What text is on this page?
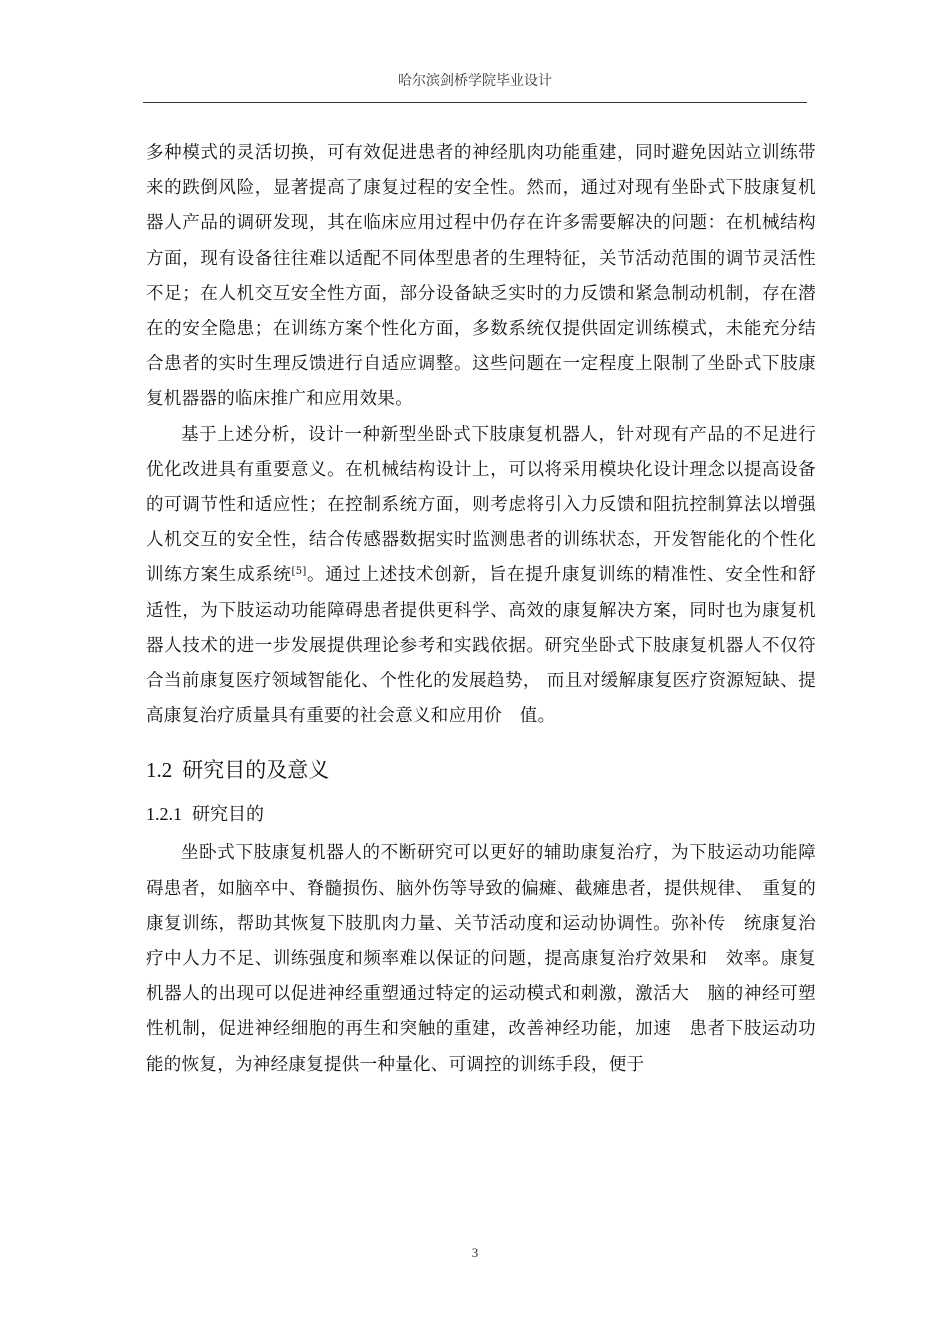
哈尔滨剑桥学院毕业设计

多种模式的灵活切换，可有效促进患者的神经肌肉功能重建，同时避免因站立训练带来的跌倒风险，显著提高了康复过程的安全性。然而，通过对现有坐卧式下肢康复机器人产品的调研发现，其在临床应用过程中仍存在许多需要解决的问题：在机械结构方面，现有设备往往难以适配不同体型患者的生理特征，关节活动范围的调节灵活性不足；在人机交互安全性方面，部分设备缺乏实时的力反馈和紧急制动机制，存在潜在的安全隐患；在训练方案个性化方面，多数系统仅提供固定训练模式，未能充分结合患者的实时生理反馈进行自适应调整。这些问题在一定程度上限制了坐卧式下肢康复机器器的临床推广和应用效果。

基于上述分析，设计一种新型坐卧式下肢康复机器人，针对现有产品的不足进行优化改进具有重要意义。在机械结构设计上，可以将采用模块化设计理念以提高设备的可调节性和适应性；在控制系统方面，则考虑将引入力反馈和阻抗控制算法以增强人机交互的安全性，结合传感器数据实时监测患者的训练状态，开发智能化的个性化训练方案生成系统[5]。通过上述技术创新，旨在提升康复训练的精准性、安全性和舒适性，为下肢运动功能障碍患者提供更科学、高效的康复解决方案，同时也为康复机器人技术的进一步发展提供理论参考和实践依据。研究坐卧式下肢康复机器人不仅符合当前康复医疗领域智能化、个性化的发展趋势， 而且对缓解康复医疗资源短缺、提高康复治疗质量具有重要的社会意义和应用价　值。

1.2 研究目的及意义
1.2.1 研究目的

坐卧式下肢康复机器人的不断研究可以更好的辅助康复治疗，为下肢运动功能障碍患者，如脑卒中、脊髓损伤、脑外伤等导致的偏瘫、截瘫患者，提供规律、　重复的康复训练，帮助其恢复下肢肌肉力量、关节活动度和运动协调性。弥补传　统康复治疗中人力不足、训练强度和频率难以保证的问题，提高康复治疗效果和　效率。康复机器人的出现可以促进神经重塑通过特定的运动模式和刺激，激活大　脑的神经可塑性机制，促进神经细胞的再生和突触的重建，改善神经功能，加速　患者下肢运动功能的恢复，为神经康复提供一种量化、可调控的训练手段，便于

3
